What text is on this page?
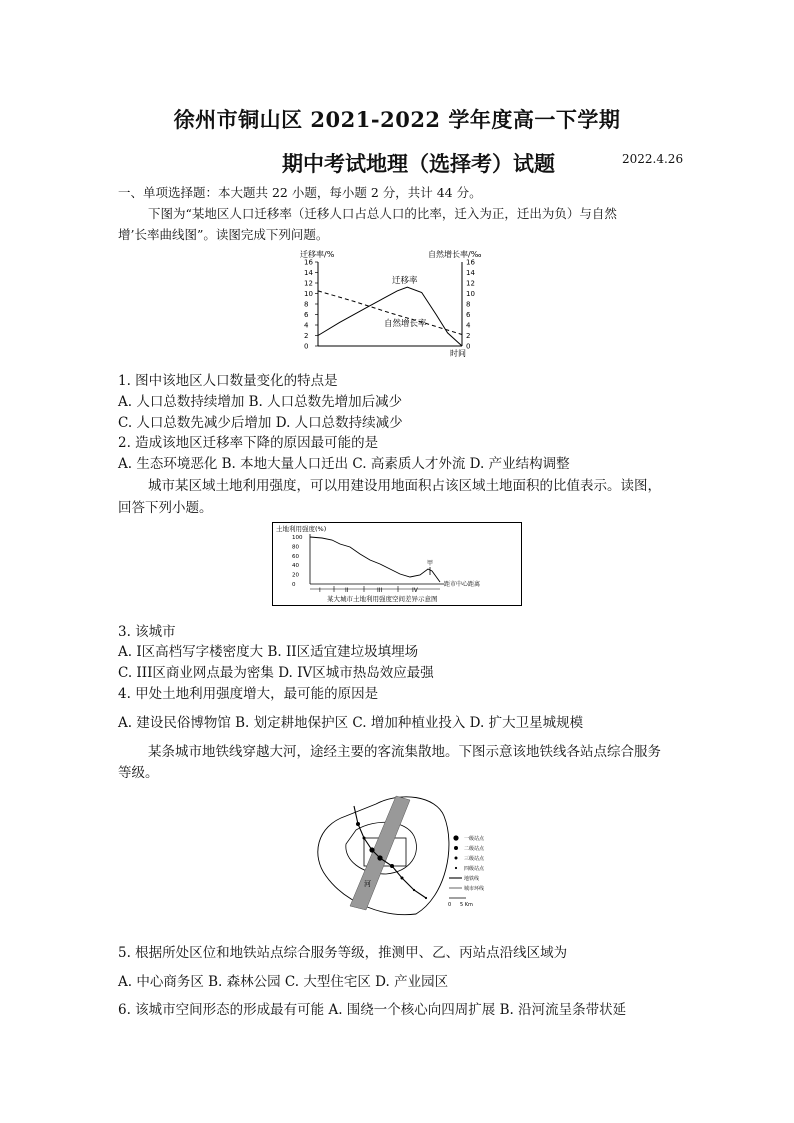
徐州市铜山区 2021-2022 学年度高一下学期
期中考试地理（选择考）试题	2022.4.26
一、单项选择题：本大题共 22 小题，每小题 2 分，共计 44 分。
下图为“某地区人口迁移率（迁移人口占总人口的比率，迁入为正，迁出为负）与自然
增’长率曲线图”。读图完成下列问题。
迁移率/%	自然增长率/‰
16	16
14	14
12	12
10	10
8	8
6	6
4	4
2	2
0	0
迁移率
自然增长率
时间
1. 图中该地区人口数量变化的特点是
A. 人口总数持续增加 B. 人口总数先增加后减少
C. 人口总数先减少后增加 D. 人口总数持续减少
2. 造成该地区迁移率下降的原因最可能的是
A. 生态环境恶化 B. 本地大量人口迁出 C. 高素质人才外流 D. 产业结构调整
城市某区域土地利用强度，可以用建设用地面积占该区域土地面积的比值表示。读图，
回答下列小题。
土地利用强度(%)
100
80
60
40
20
0
甲
I	II	III	IV
距市中心距离
某大城市土地利用强度空间差异示意图
3. 该城市
A. I区高档写字楼密度大 B. II区适宜建垃圾填埋场
C. III区商业网点最为密集 D. IV区城市热岛效应最强
4. 甲处土地利用强度增大，最可能的原因是
A. 建设民俗博物馆 B. 划定耕地保护区 C. 增加种植业投入 D. 扩大卫星城规模
某条城市地铁线穿越大河，途经主要的客流集散地。下图示意该地铁线各站点综合服务
等级。
河
一级站点
二级站点
三级站点
四级站点
地铁线
城市环线
0 5 Km
5. 根据所处区位和地铁站点综合服务等级，推测甲、乙、丙站点沿线区域为
A. 中心商务区 B. 森林公园 C. 大型住宅区 D. 产业园区
6. 该城市空间形态的形成最有可能 A. 围绕一个核心向四周扩展 B. 沿河流呈条带状延
